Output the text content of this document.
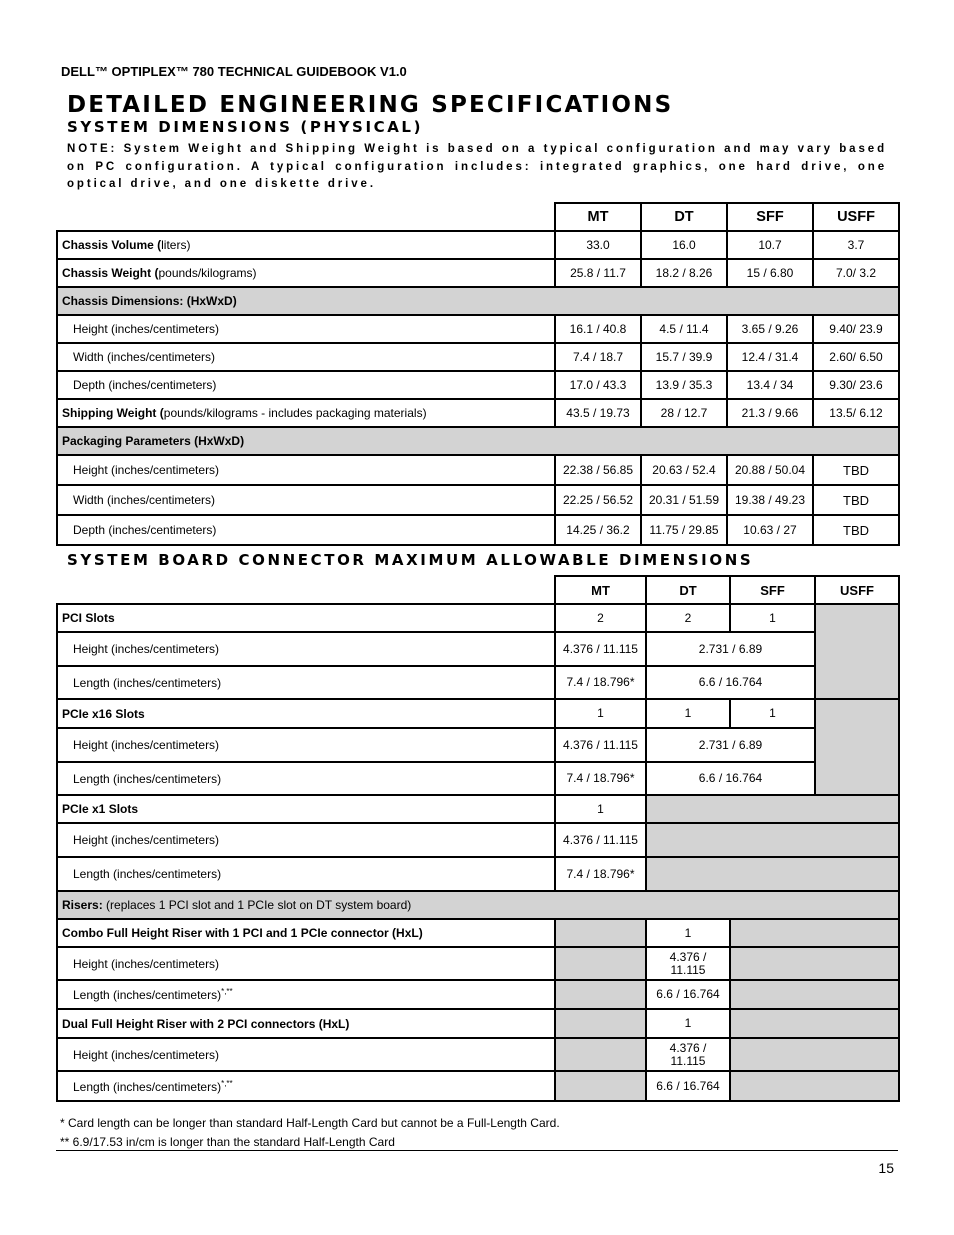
DELL™ OPTIPLEX™ 780 TECHNICAL GUIDEBOOK V1.0
DETAILED ENGINEERING SPECIFICATIONS
SYSTEM DIMENSIONS (PHYSICAL)
NOTE: System Weight and Shipping Weight is based on a typical configuration and may vary based on PC configuration. A typical configuration includes: integrated graphics, one hard drive, one optical drive, and one diskette drive.
	MT	DT	SFF	USFF
Chassis Volume (liters)	33.0	16.0	10.7	3.7
Chassis Weight (pounds/kilograms)	25.8 / 11.7	18.2 / 8.26	15 / 6.80	7.0/ 3.2
Chassis Dimensions: (HxWxD)				
Height (inches/centimeters)	16.1 / 40.8	4.5 / 11.4	3.65 / 9.26	9.40/ 23.9
Width (inches/centimeters)	7.4 / 18.7	15.7 / 39.9	12.4 / 31.4	2.60/ 6.50
Depth (inches/centimeters)	17.0 / 43.3	13.9 / 35.3	13.4 / 34	9.30/ 23.6
Shipping Weight (pounds/kilograms - includes packaging materials)	43.5 / 19.73	28 / 12.7	21.3 / 9.66	13.5/ 6.12
Packaging Parameters (HxWxD)				
Height (inches/centimeters)	22.38 / 56.85	20.63 / 52.4	20.88 / 50.04	TBD
Width (inches/centimeters)	22.25 / 56.52	20.31 / 51.59	19.38 / 49.23	TBD
Depth (inches/centimeters)	14.25 / 36.2	11.75 / 29.85	10.63 / 27	TBD
SYSTEM BOARD CONNECTOR MAXIMUM ALLOWABLE DIMENSIONS
	MT	DT	SFF	USFF
PCI Slots	2	2	1	
Height (inches/centimeters)	4.376 / 11.115	2.731 / 6.89		
Length (inches/centimeters)	7.4 / 18.796*	6.6 / 16.764		
PCIe x16 Slots	1	1	1	
Height (inches/centimeters)	4.376 / 11.115	2.731 / 6.89		
Length (inches/centimeters)	7.4 / 18.796*	6.6 / 16.764		
PCIe x1 Slots	1			
Height (inches/centimeters)	4.376 / 11.115			
Length (inches/centimeters)	7.4 / 18.796*			
Risers: (replaces 1 PCI slot and 1 PCIe slot on DT system board)				
Combo Full Height Riser with 1 PCI and 1 PCIe connector (HxL)		1		
Height (inches/centimeters)		4.376 / 11.115		
Length (inches/centimeters)*,**		6.6 / 16.764		
Dual Full Height Riser with 2 PCI connectors (HxL)		1		
Height (inches/centimeters)		4.376 / 11.115		
Length (inches/centimeters)*,**		6.6 / 16.764		
* Card length can be longer than standard Half-Length Card but cannot be a Full-Length Card.
** 6.9/17.53 in/cm is longer than the standard Half-Length Card
15
